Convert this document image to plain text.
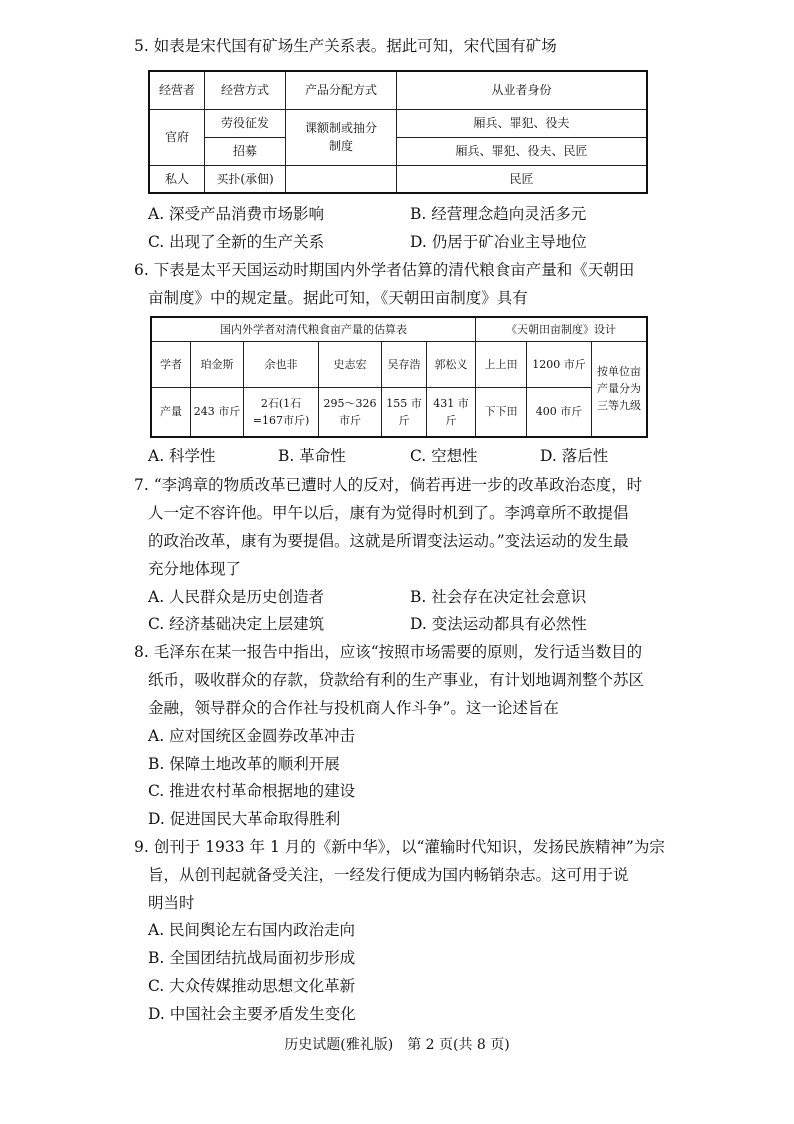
5. 如表是宋代国有矿场生产关系表。据此可知，宋代国有矿场
经营者	经营方式	产品分配方式	从业者身份
官府	劳役征发	课额制或抽分制度	厢兵、罪犯、役夫
	招募		厢兵、罪犯、役夫、民匠
私人	买扑(承佃)		民匠
A. 深受产品消费市场影响	B. 经营理念趋向灵活多元
C. 出现了全新的生产关系	D. 仍居于矿冶业主导地位
6. 下表是太平天国运动时期国内外学者估算的清代粮食亩产量和《天朝田
亩制度》中的规定量。据此可知，《天朝田亩制度》具有
国内外学者对清代粮食亩产量的估算表						《天朝田亩制度》设计		
学者	珀金斯	余也非	史志宏	吴存浩	郭松义	上上田	1200 市斤	按单位亩产量分为三等九级
产量	243 市斤	2石(1石 =167市斤)	295～326 市斤	155 市斤	431 市斤	下下田	400 市斤	
A. 科学性	B. 革命性	C. 空想性	D. 落后性
7. “李鸿章的物质改革已遭时人的反对，倘若再进一步的改革政治态度，时
人一定不容许他。甲午以后，康有为觉得时机到了。李鸿章所不敢提倡
的政治改革，康有为要提倡。这就是所谓变法运动。”变法运动的发生最
充分地体现了
A. 人民群众是历史创造者	B. 社会存在决定社会意识
C. 经济基础决定上层建筑	D. 变法运动都具有必然性
8. 毛泽东在某一报告中指出，应该“按照市场需要的原则，发行适当数目的
纸币，吸收群众的存款，贷款给有利的生产事业，有计划地调剂整个苏区
金融，领导群众的合作社与投机商人作斗争”。这一论述旨在
A. 应对国统区金圆券改革冲击
B. 保障土地改革的顺利开展
C. 推进农村革命根据地的建设
D. 促进国民大革命取得胜利
9. 创刊于 1933 年 1 月的《新中华》，以“灌输时代知识，发扬民族精神”为宗
旨，从创刊起就备受关注，一经发行便成为国内畅销杂志。这可用于说
明当时
A. 民间舆论左右国内政治走向
B. 全国团结抗战局面初步形成
C. 大众传媒推动思想文化革新
D. 中国社会主要矛盾发生变化
历史试题(雅礼版)　第 2 页(共 8 页)
